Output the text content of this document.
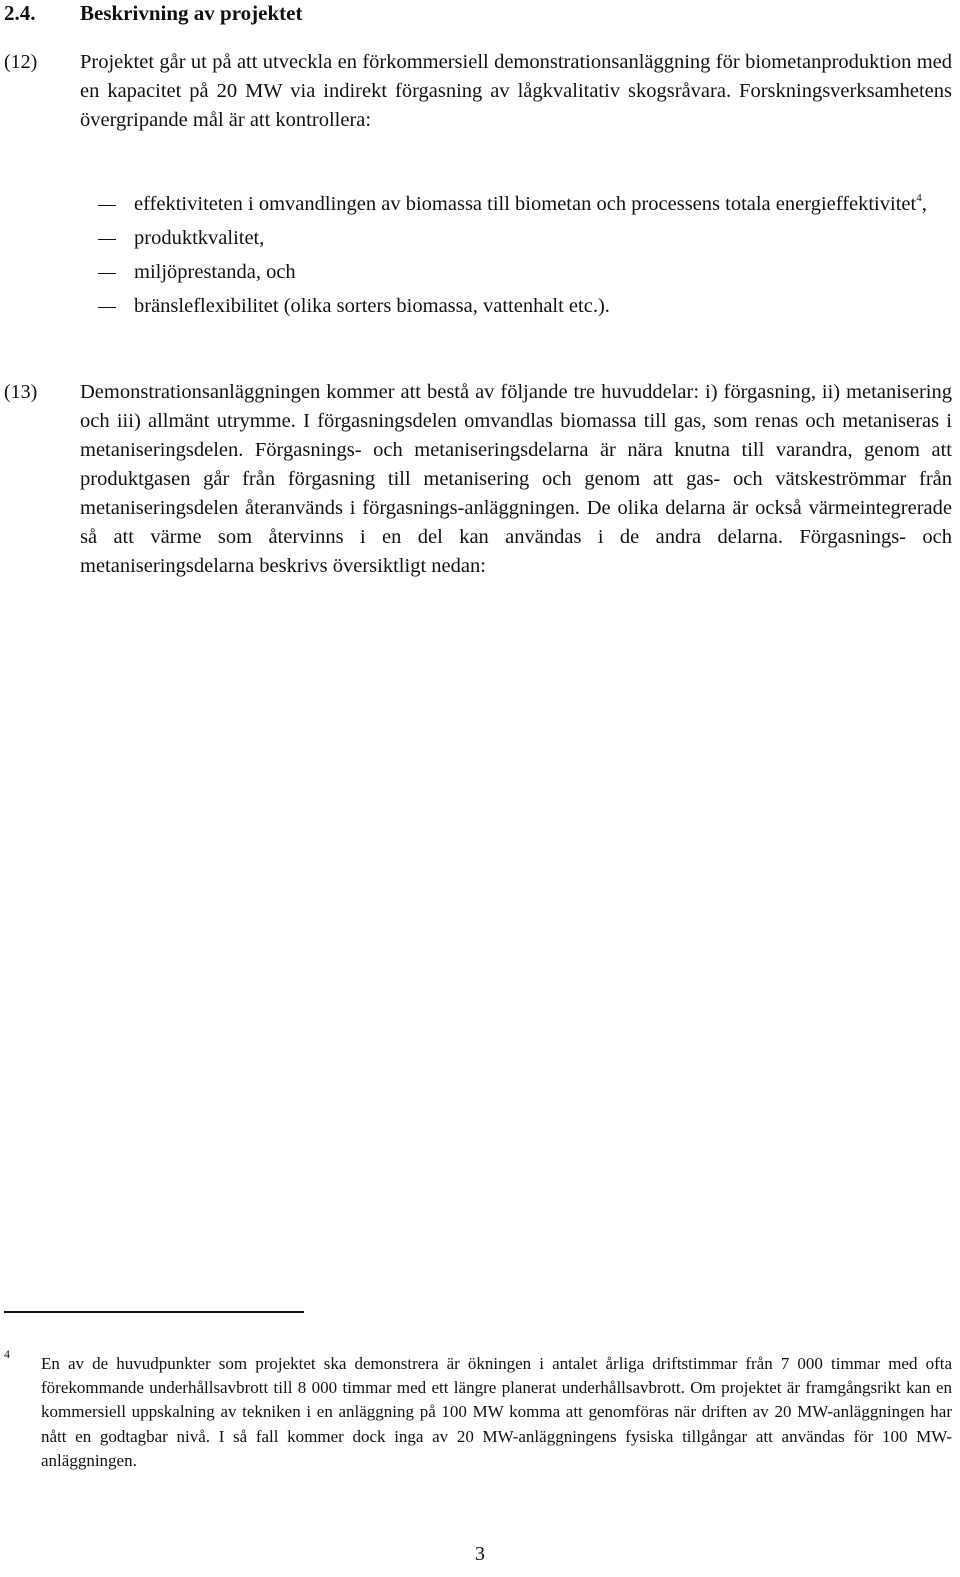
2.4. Beskrivning av projektet
(12) Projektet går ut på att utveckla en förkommersiell demonstrationsanläggning för biometanproduktion med en kapacitet på 20 MW via indirekt förgasning av lågkvalitativ skogsråvara. Forskningsverksamhetens övergripande mål är att kontrollera:
effektiviteten i omvandlingen av biomassa till biometan och processens totala energieffektivitet$^4$,
produktkvalitet,
miljöprestanda, och
bränsleflexibilitet (olika sorters biomassa, vattenhalt etc.).
(13) Demonstrationsanläggningen kommer att bestå av följande tre huvuddelar: i) förgasning, ii) metanisering och iii) allmänt utrymme. I förgasningsdelen omvandlas biomassa till gas, som renas och metaniseras i metaniseringsdelen. Förgasnings- och metaniseringsdelarna är nära knutna till varandra, genom att produktgasen går från förgasning till metanisering och genom att gas- och vätskeströmmar från metaniseringsdelen återanvänds i förgasnings-anläggningen. De olika delarna är också värmeintegrerade så att värme som återvinns i en del kan användas i de andra delarna. Förgasnings- och metaniseringsdelarna beskrivs översiktligt nedan:
4 En av de huvudpunkter som projektet ska demonstrera är ökningen i antalet årliga driftstimmar från 7 000 timmar med ofta förekommande underhållsavbrott till 8 000 timmar med ett längre planerat underhållsavbrott. Om projektet är framgångsrikt kan en kommersiell uppskalning av tekniken i en anläggning på 100 MW komma att genomföras när driften av 20 MW-anläggningen har nått en godtagbar nivå. I så fall kommer dock inga av 20 MW-anläggningens fysiska tillgångar att användas för 100 MW-anläggningen.
3
